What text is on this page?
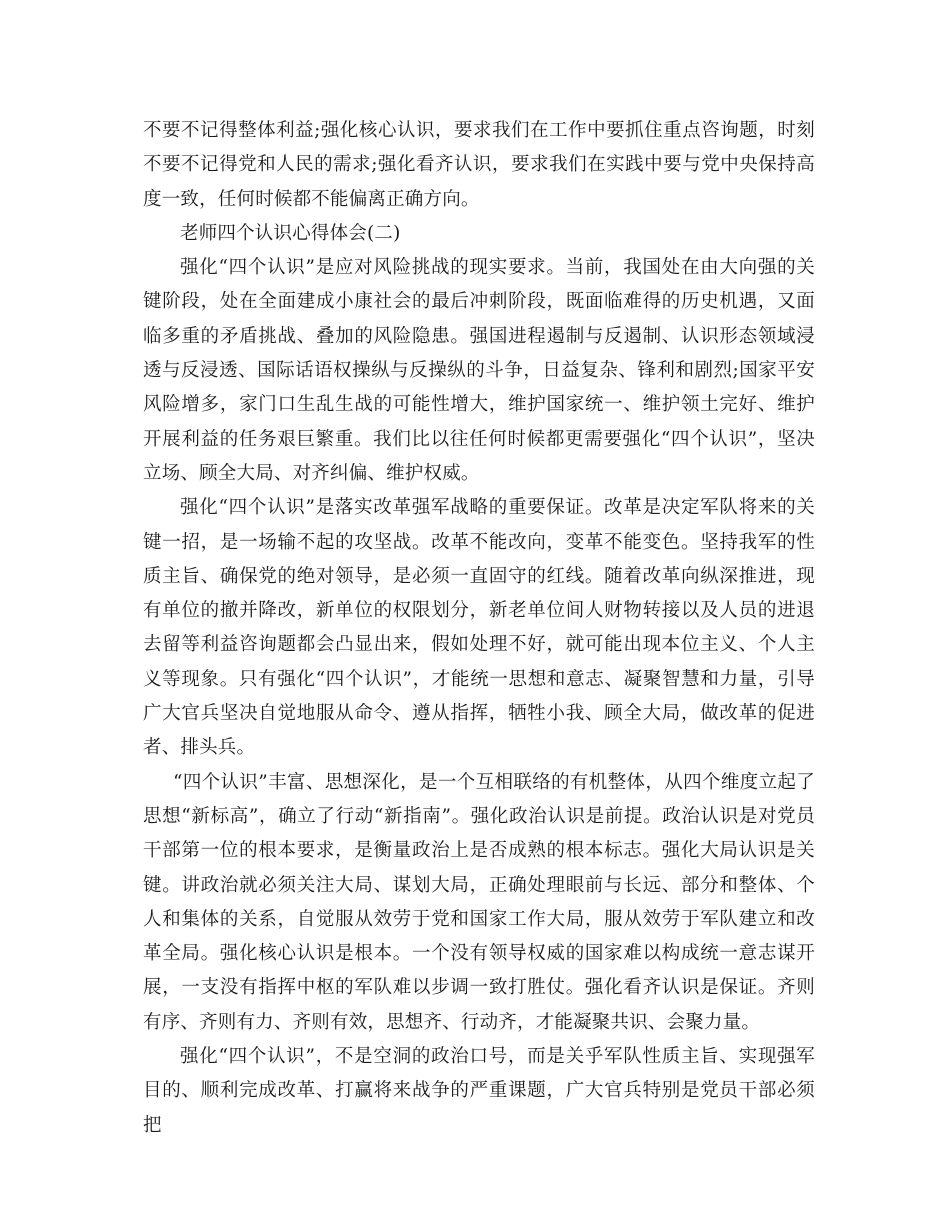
不要不记得整体利益;强化核心认识，要求我们在工作中要抓住重点咨询题，时刻不要不记得党和人民的需求;强化看齐认识，要求我们在实践中要与党中央保持高度一致，任何时候都不能偏离正确方向。

老师四个认识心得体会(二)

强化“四个认识”是应对风险挑战的现实要求。当前，我国处在由大向强的关键阶段，处在全面建成小康社会的最后冲刺阶段，既面临难得的历史机遇，又面临多重的矛盾挑战、叠加的风险隐患。强国进程遏制与反遏制、认识形态领域浸透与反浸透、国际话语权操纵与反操纵的斗争，日益复杂、锋利和剧烈;国家平安风险增多，家门口生乱生战的可能性增大，维护国家统一、维护领土完好、维护开展利益的任务艰巨繁重。我们比以往任何时候都更需要强化“四个认识”，坚决立场、顾全大局、对齐纠偏、维护权威。

强化“四个认识”是落实改革强军战略的重要保证。改革是决定军队将来的关键一招，是一场输不起的攻坚战。改革不能改向，变革不能变色。坚持我军的性质主旨、确保党的绝对领导，是必须一直固守的红线。随着改革向纵深推进，现有单位的撤并降改，新单位的权限划分，新老单位间人财物转接以及人员的进退去留等利益咨询题都会凸显出来，假如处理不好，就可能出现本位主义、个人主义等现象。只有强化“四个认识”，才能统一思想和意志、凝聚智慧和力量，引导广大官兵坚决自觉地服从命令、遵从指挥，牺牲小我、顾全大局，做改革的促进者、排头兵。

“四个认识”丰富、思想深化，是一个互相联络的有机整体，从四个维度立起了思想“新标高”，确立了行动“新指南”。强化政治认识是前提。政治认识是对党员干部第一位的根本要求，是衡量政治上是否成熟的根本标志。强化大局认识是关键。讲政治就必须关注大局、谋划大局，正确处理眼前与长远、部分和整体、个人和集体的关系，自觉服从效劳于党和国家工作大局，服从效劳于军队建立和改革全局。强化核心认识是根本。一个没有领导权威的国家难以构成统一意志谋开展，一支没有指挥中枢的军队难以步调一致打胜仗。强化看齐认识是保证。齐则有序、齐则有力、齐则有效，思想齐、行动齐，才能凝聚共识、会聚力量。

强化“四个认识”，不是空洞的政治口号，而是关乎军队性质主旨、实现强军目的、顺利完成改革、打赢将来战争的严重课题，广大官兵特别是党员干部必须把
